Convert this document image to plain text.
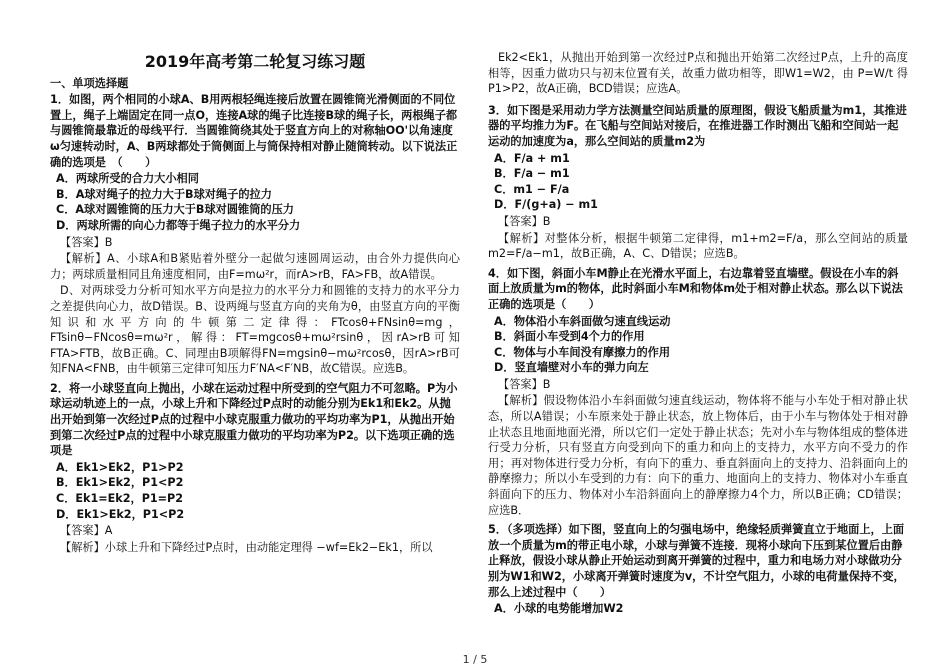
2019年高考第二轮复习练习题

一、单项选择题

1．如图，两个相同的小球A、B用两根轻绳连接后放置在圆锥筒光滑侧面的不同位置上，绳子上端固定在同一点O，连接A球的绳子比连接B球的绳子长，两根绳子都与圆锥筒最靠近的母线平行．当圆锥筒绕其处于竖直方向上的对称轴OO'以角速度ω匀速转动时，A、B两球都处于筒侧面上与筒保持相对静止随筒转动。以下说法正确的选项是　（　　）

A．两球所受的合力大小相同

B．A球对绳子的拉力大于B球对绳子的拉力

C．A球对圆锥筒的压力大于B球对圆锥筒的压力

D．两球所需的向心力都等于绳子拉力的水平分力

【答案】B

【解析】A、小球A和B紧贴着外壁分一起做匀速圆周运动，由合外力提供向心力；两球质量相同且角速度相同，由F=mω²r，而rA>rB，FA>FB，故A错误。

D、对两球受力分析可知水平方向是拉力的水平分力和圆锥的支持力的水平分力之差提供向心力，故D错误。B、设两绳与竖直方向的夹角为θ，由竖直方向的平衡知识和水平方向的牛顿第二定律得：FTcosθ+FNsinθ=mg，FTsinθ−FNcosθ=mω²r，解得：FT=mgcosθ+mω²rsinθ，因rA>rB可知FTA>FTB，故B正确。C、同理由B项解得FN=mgsinθ−mω²rcosθ，因rA>rB可知FNA<FNB，由牛顿第三定律可知压力F′NA<F′NB，故C错误。应选B。

2．将一小球竖直向上抛出，小球在运动过程中所受到的空气阻力不可忽略。P为小球运动轨迹上的一点，小球上升和下降经过P点时的动能分别为Ek1和Ek2。从抛出开始到第一次经过P点的过程中小球克服重力做功的平均功率为P1，从抛出开始到第二次经过P点的过程中小球克服重力做功的平均功率为P2。以下选项正确的选项是

A．Ek1>Ek2，P1>P2

B．Ek1>Ek2，P1<P2

C．Ek1=Ek2，P1=P2

D．Ek1>Ek2，P1<P2

【答案】A

【解析】小球上升和下降经过P点时，由动能定理得 −wf=Ek2−Ek1，所以

Ek2<Ek1，从抛出开始到第一次经过P点和抛出开始第二次经过P点，上升的高度相等，因重力做功只与初末位置有关，故重力做功相等，即W1=W2，由 P=W/t 得P1>P2，故A正确，BCD错误；应选A。

3．如下图是采用动力学方法测量空间站质量的原理图，假设飞船质量为m1，其推进器的平均推力为F。在飞船与空间站对接后，在推进器工作时测出飞船和空间站一起运动的加速度为a，那么空间站的质量m2为

A．F/a + m1

B．F/a − m1

C．m1 − F/a

D．F/(g+a) − m1

【答案】B

【解析】对整体分析，根据牛顿第二定律得，m1+m2=F/a，那么空间站的质量m2=F/a−m1，故B正确，A、C、D错误；应选B。

4．如下图，斜面小车M静止在光滑水平面上，右边靠着竖直墙壁。假设在小车的斜面上放质量为m的物体，此时斜面小车M和物体m处于相对静止状态。那么以下说法正确的选项是（　　）

A．物体沿小车斜面做匀速直线运动

B．斜面小车受到4个力的作用

C．物体与小车间没有摩擦力的作用

D．竖直墙壁对小车的弹力向左

【答案】B

【解析】假设物体沿小车斜面做匀速直线运动，物体将不能与小车处于相对静止状态，所以A错误；小车原来处于静止状态，放上物体后，由于小车与物体处于相对静止状态且地面地面光滑，所以它们一定处于静止状态；先对小车与物体组成的整体进行受力分析，只有竖直方向受到向下的重力和向上的支持力，水平方向不受力的作用；再对物体进行受力分析，有向下的重力、垂直斜面向上的支持力、沿斜面向上的静摩擦力；所以小车受到的力有：向下的重力、地面向上的支持力、物体对小车垂直斜面向下的压力、物体对小车沿斜面向上的静摩擦力4个力，所以B正确；CD错误；应选B．

5．（多项选择）如下图，竖直向上的匀强电场中，绝缘轻质弹簧直立于地面上，上面放一个质量为m的带正电小球，小球与弹簧不连接．现将小球向下压到某位置后由静止释放，假设小球从静止开始运动到离开弹簧的过程中，重力和电场力对小球做功分别为W1和W2，小球离开弹簧时速度为v，不计空气阻力，小球的电荷量保持不变，那么上述过程中（　　）

A．小球的电势能增加W2

1 / 5
